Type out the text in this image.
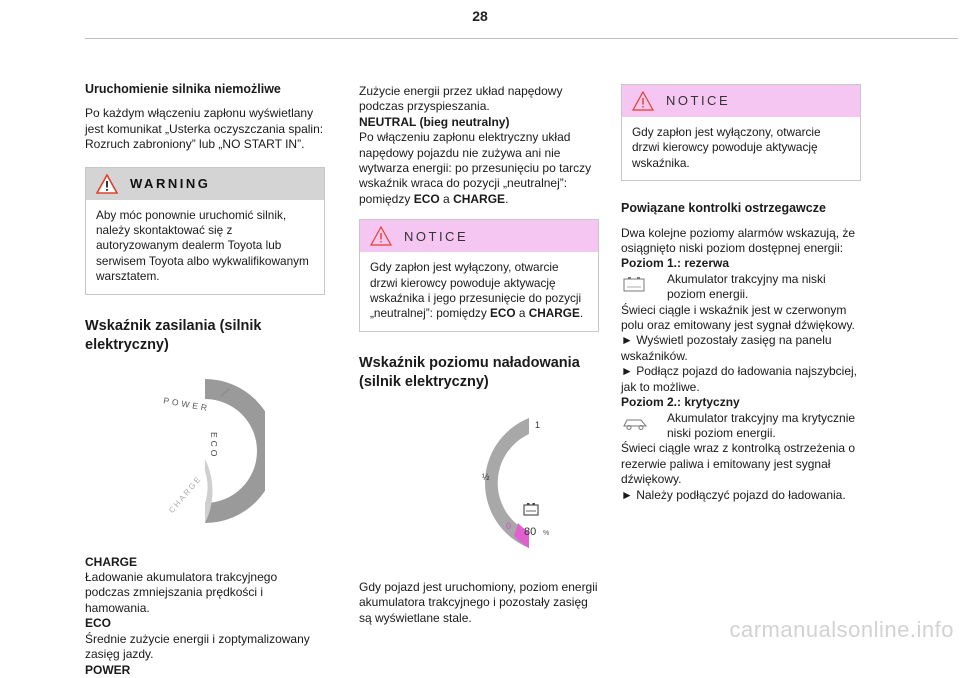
28
Uruchomienie silnika niemożliwe

Po każdym włączeniu zapłonu wyświetlany jest komunikat „Usterka oczyszczania spalin: Rozruch zabroniony” lub „NO START IN”.

WARNING
Aby móc ponownie uruchomić silnik, należy skontaktować się z autoryzowanym dealerm Toyota lub serwisem Toyota albo wykwalifikowanym warsztatem.
Wskaźnik zasilania (silnik elektryczny)
POWER
ECO
CHARGE

CHARGE

Ładowanie akumulatora trakcyjnego podczas zmniejszania prędkości i hamowania.

ECO

Średnie zużycie energii i zoptymalizowany zasięg jazdy.

POWER

Zużycie energii przez układ napędowy podczas przyspieszania.

NEUTRAL (bieg neutralny)

Po włączeniu zapłonu elektryczny układ napędowy pojazdu nie zużywa ani nie wytwarza energii: po przesunięciu po tarczy wskaźnik wraca do pozycji „neutralnej”: pomiędzy ECO a CHARGE.

NOTICE
Gdy zapłon jest wyłączony, otwarcie drzwi kierowcy powoduje aktywację wskaźnika i jego przesunięcie do pozycji „neutralnej”: pomiędzy ECO a CHARGE.
Wskaźnik poziomu naładowania (silnik elektryczny)
1
½
0 80 %

Gdy pojazd jest uruchomiony, poziom energii akumulatora trakcyjnego i pozostały zasięg są wyświetlane stale.

NOTICE
Gdy zapłon jest wyłączony, otwarcie drzwi kierowcy powoduje aktywację wskaźnika.
Powiązane kontrolki ostrzegawcze

Dwa kolejne poziomy alarmów wskazują, że osiągnięto niski poziom dostępnej energii:

Poziom 1.: rezerwa

Akumulator trakcyjny ma niski poziom energii.

Świeci ciągle i wskaźnik jest w czerwonym polu oraz emitowany jest sygnał dźwiękowy.

► Wyświetl pozostały zasięg na panelu wskaźników.

► Podłącz pojazd do ładowania najszybciej, jak to możliwe.

Poziom 2.: krytyczny

Akumulator trakcyjny ma krytycznie niski poziom energii.

Świeci ciągle wraz z kontrolką ostrzeżenia o rezerwie paliwa i emitowany jest sygnał dźwiękowy.

► Należy podłączyć pojazd do ładowania.

carmanualsonline.info
